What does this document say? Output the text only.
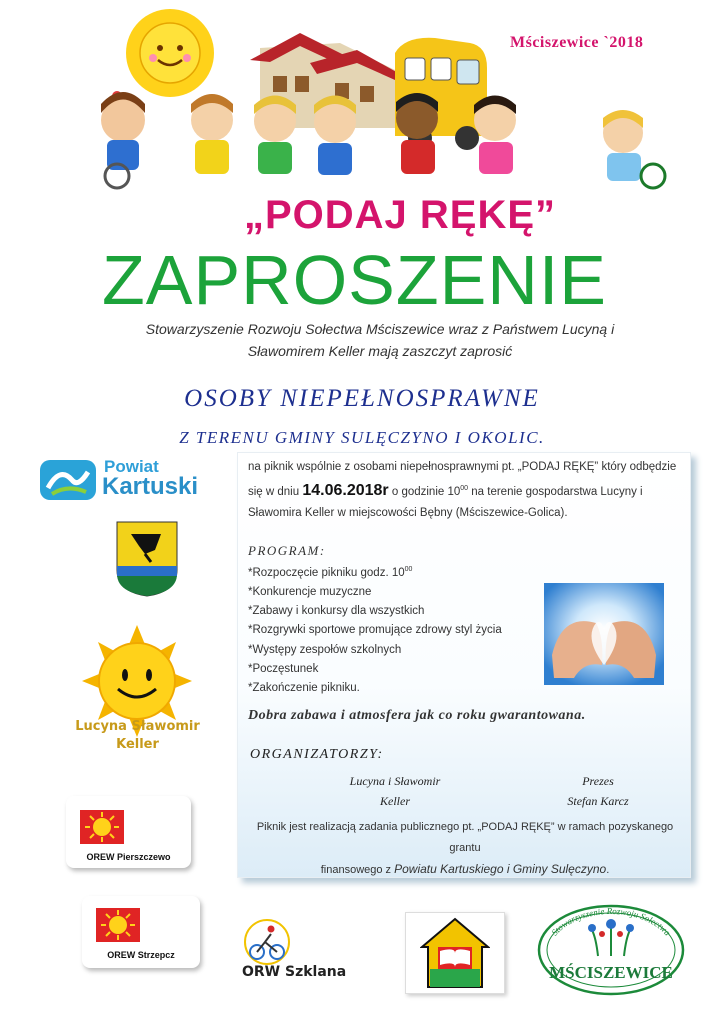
Mściszewice `2018
„PODAJ RĘKĘ”
ZAPROSZENIE
Stowarzyszenie Rozwoju Sołectwa Mściszewice wraz z Państwem Lucyną i
Sławomirem Keller mają zaszczyt zaprosić
OSOBY NIEPEŁNOSPRAWNE
Z TERENU GMINY SULĘCZYNO I OKOLIC.
na piknik wspólnie z osobami niepełnosprawnymi pt. „PODAJ RĘKĘ” który odbędzie
się w dniu 14.06.2018r o godzinie $10^{00}$ na terenie gospodarstwa Lucyny i
Sławomira Keller w miejscowości Bębny (Mściszewice-Golica).
PROGRAM:
*Rozpoczęcie pikniku godz. $10^{00}$
*Konkurencje muzyczne
*Zabawy i konkursy dla wszystkich
*Rozgrywki sportowe promujące zdrowy styl życia
*Występy zespołów szkolnych
*Poczęstunek
*Zakończenie pikniku.
Dobra zabawa i atmosfera jak co roku gwarantowana.
ORGANIZATORZY:
Lucyna i Sławomir
Keller
Prezes
Stefan Karcz
Piknik jest realizacją zadania publicznego pt. „PODAJ RĘKĘ” w ramach pozyskanego grantu
finansowego z Powiatu Kartuskiego i Gminy Sulęczyno.
Powiat
Kartuski
Lucyna Sławomir
Keller
OREW Pierszczewo
OREW Strzepcz
ORW Szklana
Stowarzyszenie Rozwoju Sołectwa
MŚCISZEWICE
